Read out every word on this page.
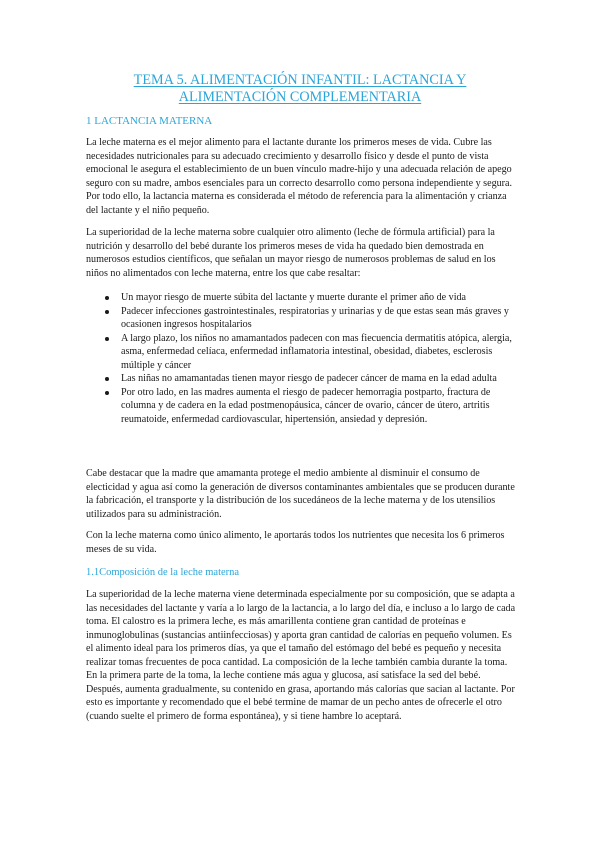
TEMA 5. ALIMENTACIÓN INFANTIL: LACTANCIA Y
ALIMENTACIÓN COMPLEMENTARIA
1 LACTANCIA MATERNA

La leche materna es el mejor alimento para el lactante durante los primeros meses de vida. Cubre las necesidades nutricionales para su adecuado crecimiento y desarrollo físico y desde el punto de vista emocional le asegura el establecimiento de un buen vínculo madre-hijo y una adecuada relación de apego seguro con su madre, ambos esenciales para un correcto desarrollo como persona independiente y segura. Por todo ello, la lactancia materna es considerada el método de referencia para la alimentación y crianza del lactante y el niño pequeño.

La superioridad de la leche materna sobre cualquier otro alimento (leche de fórmula artificial) para la nutrición y desarrollo del bebé durante los primeros meses de vida ha quedado bien demostrada en numerosos estudios científicos, que señalan un mayor riesgo de numerosos problemas de salud en los niños no alimentados con leche materna, entre los que cabe resaltar:

Un mayor riesgo de muerte súbita del lactante y muerte durante el primer año de vida
Padecer infecciones gastrointestinales, respiratorias y urinarias y de que estas sean más graves y ocasionen ingresos hospitalarios
A largo plazo, los niños no amamantados padecen con mas fiecuencia dermatitis atópica, alergia, asma, enfermedad celíaca, enfermedad inflamatoria intestinal, obesidad, diabetes, esclerosis múltiple y cáncer
Las niñas no amamantadas tienen mayor riesgo de padecer cáncer de mama en la edad adulta
Por otro lado, en las madres aumenta el riesgo de padecer hemorragia postparto, fractura de columna y de cadera en la edad postmenopáusica, cáncer de ovario, cáncer de útero, artritis reumatoide, enfermedad cardiovascular, hipertensión, ansiedad y depresión.

Cabe destacar que la madre que amamanta protege el medio ambiente al disminuir el consumo de electicidad y agua así como la generación de diversos contaminantes ambientales que se producen durante la fabricación, el transporte y la distribución de los sucedáneos de la leche materna y de los utensilios utilizados para su administración.

Con la leche materna como único alimento, le aportarás todos los nutrientes que necesita los 6 primeros meses de su vida.

1.1Composición de la leche materna

La superioridad de la leche materna viene determinada especialmente por su composición, que se adapta a las necesidades del lactante y varía a lo largo de la lactancia, a lo largo del día, e incluso a lo largo de cada toma. El calostro es la primera leche, es más amarillenta contiene gran cantidad de proteínas e inmunoglobulinas (sustancias antiinfecciosas) y aporta gran cantidad de calorías en pequeño volumen. Es el alimento ideal para los primeros días, ya que el tamaño del estómago del bebé es pequeño y necesita realizar tomas frecuentes de poca cantidad. La composición de la leche también cambia durante la toma. En la primera parte de la toma, la leche contiene más agua y glucosa, así satisface la sed del bebé. Después, aumenta gradualmente, su contenido en grasa, aportando más calorías que sacian al lactante. Por esto es importante y recomendado que el bebé termine de mamar de un pecho antes de ofrecerle el otro (cuando suelte el primero de forma espontánea), y si tiene hambre lo aceptará.
